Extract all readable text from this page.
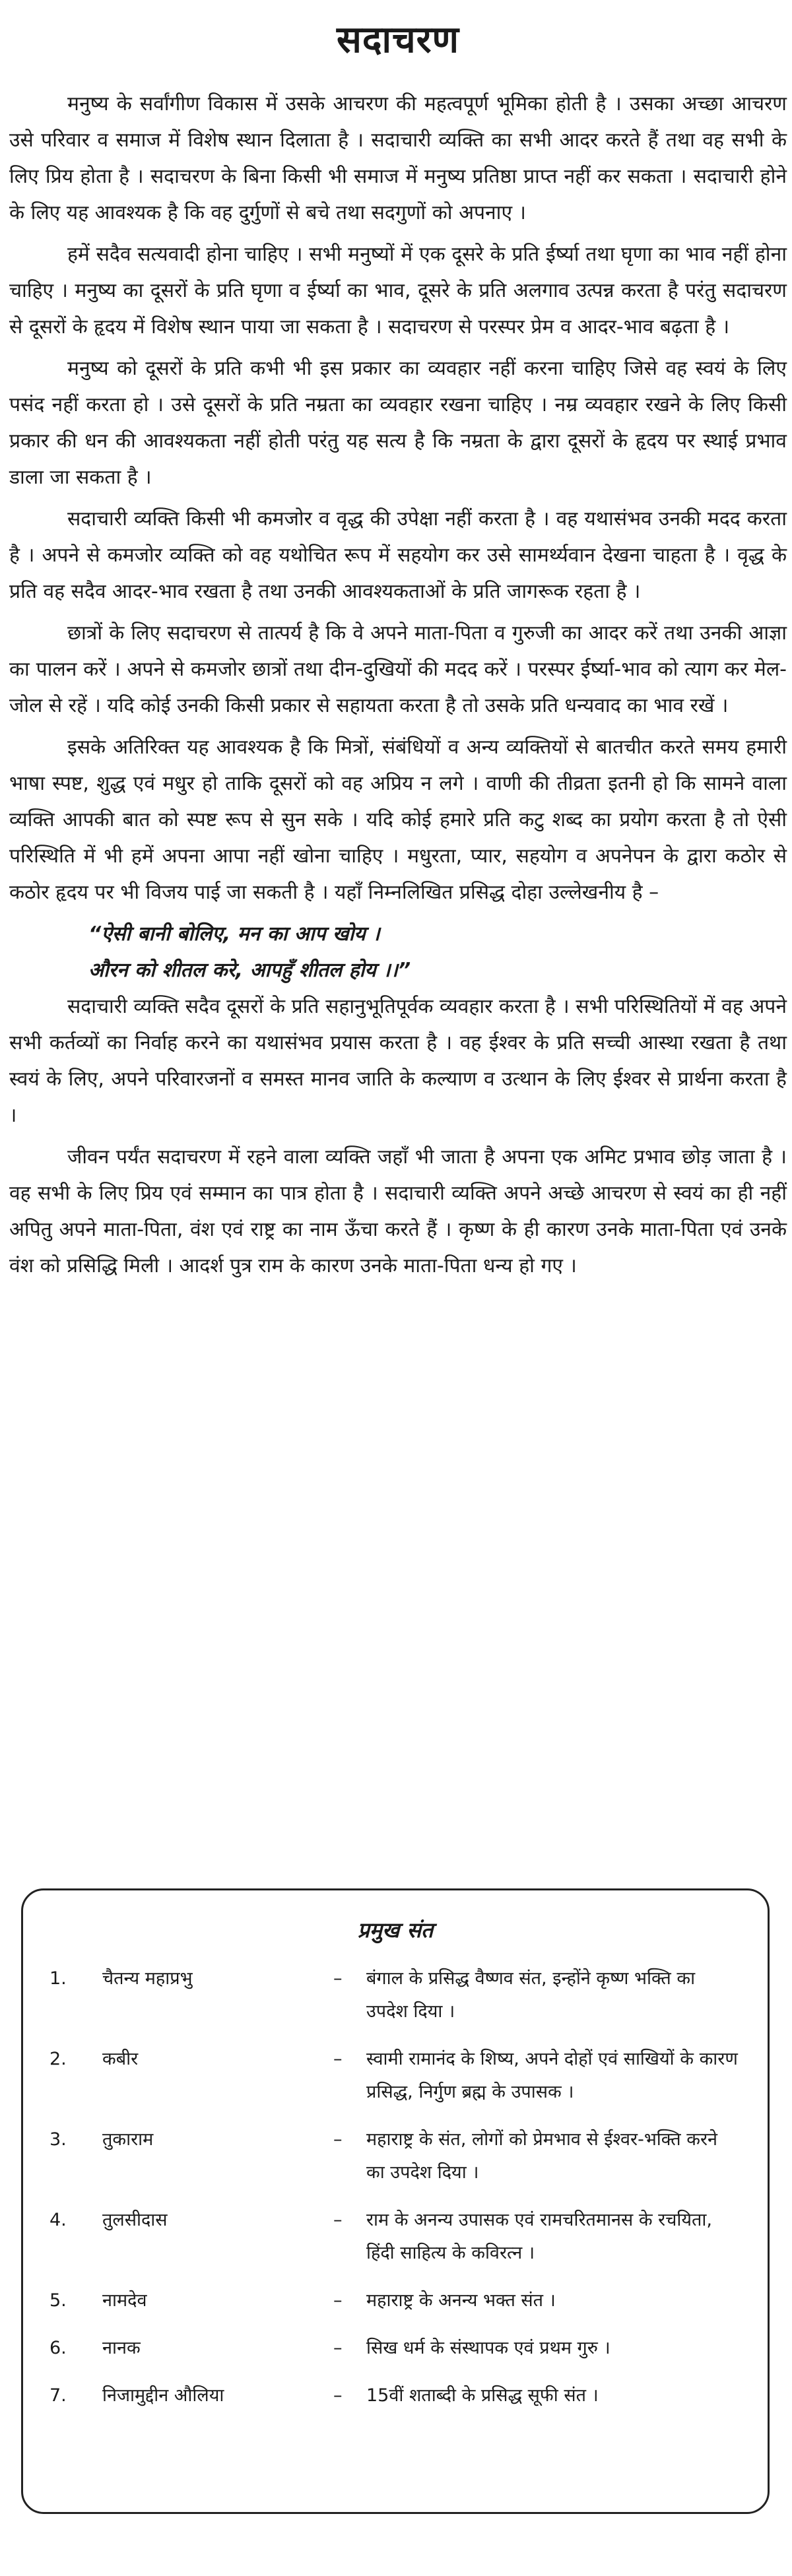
सदाचरण

मनुष्य के सर्वांगीण विकास में उसके आचरण की महत्वपूर्ण भूमिका होती है । उसका अच्छा आचरण उसे परिवार व समाज में विशेष स्थान दिलाता है । सदाचारी व्यक्ति का सभी आदर करते हैं तथा वह सभी के लिए प्रिय होता है । सदाचरण के बिना किसी भी समाज में मनुष्य प्रतिष्ठा प्राप्त नहीं कर सकता । सदाचारी होने के लिए यह आवश्यक है कि वह दुर्गुणों से बचे तथा सदगुणों को अपनाए ।

हमें सदैव सत्यवादी होना चाहिए । सभी मनुष्यों में एक दूसरे के प्रति ईर्ष्या तथा घृणा का भाव नहीं होना चाहिए । मनुष्य का दूसरों के प्रति घृणा व ईर्ष्या का भाव, दूसरे के प्रति अलगाव उत्पन्न करता है परंतु सदाचरण से दूसरों के हृदय में विशेष स्थान पाया जा सकता है । सदाचरण से परस्पर प्रेम व आदर-भाव बढ़ता है ।

मनुष्य को दूसरों के प्रति कभी भी इस प्रकार का व्यवहार नहीं करना चाहिए जिसे वह स्वयं के लिए पसंद नहीं करता हो । उसे दूसरों के प्रति नम्रता का व्यवहार रखना चाहिए । नम्र व्यवहार रखने के लिए किसी प्रकार की धन की आवश्यकता नहीं होती परंतु यह सत्य है कि नम्रता के द्वारा दूसरों के हृदय पर स्थाई प्रभाव डाला जा सकता है ।

सदाचारी व्यक्ति किसी भी कमजोर व वृद्ध की उपेक्षा नहीं करता है । वह यथासंभव उनकी मदद करता है । अपने से कमजोर व्यक्ति को वह यथोचित रूप में सहयोग कर उसे सामर्थ्यवान देखना चाहता है । वृद्ध के प्रति वह सदैव आदर-भाव रखता है तथा उनकी आवश्यकताओं के प्रति जागरूक रहता है ।

छात्रों के लिए सदाचरण से तात्पर्य है कि वे अपने माता-पिता व गुरुजी का आदर करें तथा उनकी आज्ञा का पालन करें । अपने से कमजोर छात्रों तथा दीन-दुखियों की मदद करें । परस्पर ईर्ष्या-भाव को त्याग कर मेल-जोल से रहें । यदि कोई उनकी किसी प्रकार से सहायता करता है तो उसके प्रति धन्यवाद का भाव रखें ।

इसके अतिरिक्त यह आवश्यक है कि मित्रों, संबंधियों व अन्य व्यक्तियों से बातचीत करते समय हमारी भाषा स्पष्ट, शुद्ध एवं मधुर हो ताकि दूसरों को वह अप्रिय न लगे । वाणी की तीव्रता इतनी हो कि सामने वाला व्यक्ति आपकी बात को स्पष्ट रूप से सुन सके । यदि कोई हमारे प्रति कटु शब्द का प्रयोग करता है तो ऐसी परिस्थिति में भी हमें अपना आपा नहीं खोना चाहिए । मधुरता, प्यार, सहयोग व अपनेपन के द्वारा कठोर से कठोर हृदय पर भी विजय पाई जा सकती है । यहाँ निम्नलिखित प्रसिद्ध दोहा उल्लेखनीय है –

“ऐसी बानी बोलिए, मन का आप खोय ।
औरन को शीतल करे, आपहुँ शीतल होय ।।”

सदाचारी व्यक्ति सदैव दूसरों के प्रति सहानुभूतिपूर्वक व्यवहार करता है । सभी परिस्थितियों में वह अपने सभी कर्तव्यों का निर्वाह करने का यथासंभव प्रयास करता है । वह ईश्वर के प्रति सच्ची आस्था रखता है तथा स्वयं के लिए, अपने परिवारजनों व समस्त मानव जाति के कल्याण व उत्थान के लिए ईश्वर से प्रार्थना करता है ।

जीवन पर्यंत सदाचरण में रहने वाला व्यक्ति जहाँ भी जाता है अपना एक अमिट प्रभाव छोड़ जाता है । वह सभी के लिए प्रिय एवं सम्मान का पात्र होता है । सदाचारी व्यक्ति अपने अच्छे आचरण से स्वयं का ही नहीं अपितु अपने माता-पिता, वंश एवं राष्ट्र का नाम ऊँचा करते हैं । कृष्ण के ही कारण उनके माता-पिता एवं उनके वंश को प्रसिद्धि मिली । आदर्श पुत्र राम के कारण उनके माता-पिता धन्य हो गए ।

प्रमुख संत
1.	चैतन्य महाप्रभु	–	बंगाल के प्रसिद्ध वैष्णव संत, इन्होंने कृष्ण भक्ति का उपदेश दिया ।
2.	कबीर	–	स्वामी रामानंद के शिष्य, अपने दोहों एवं साखियों के कारण प्रसिद्ध, निर्गुण ब्रह्म के उपासक ।
3.	तुकाराम	–	महाराष्ट्र के संत, लोगों को प्रेमभाव से ईश्वर-भक्ति करने का उपदेश दिया ।
4.	तुलसीदास	–	राम के अनन्य उपासक एवं रामचरितमानस के रचयिता, हिंदी साहित्य के कविरत्न ।
5.	नामदेव	–	महाराष्ट्र के अनन्य भक्त संत ।
6.	नानक	–	सिख धर्म के संस्थापक एवं प्रथम गुरु ।
7.	निजामुद्दीन औलिया	–	15वीं शताब्दी के प्रसिद्ध सूफी संत ।
